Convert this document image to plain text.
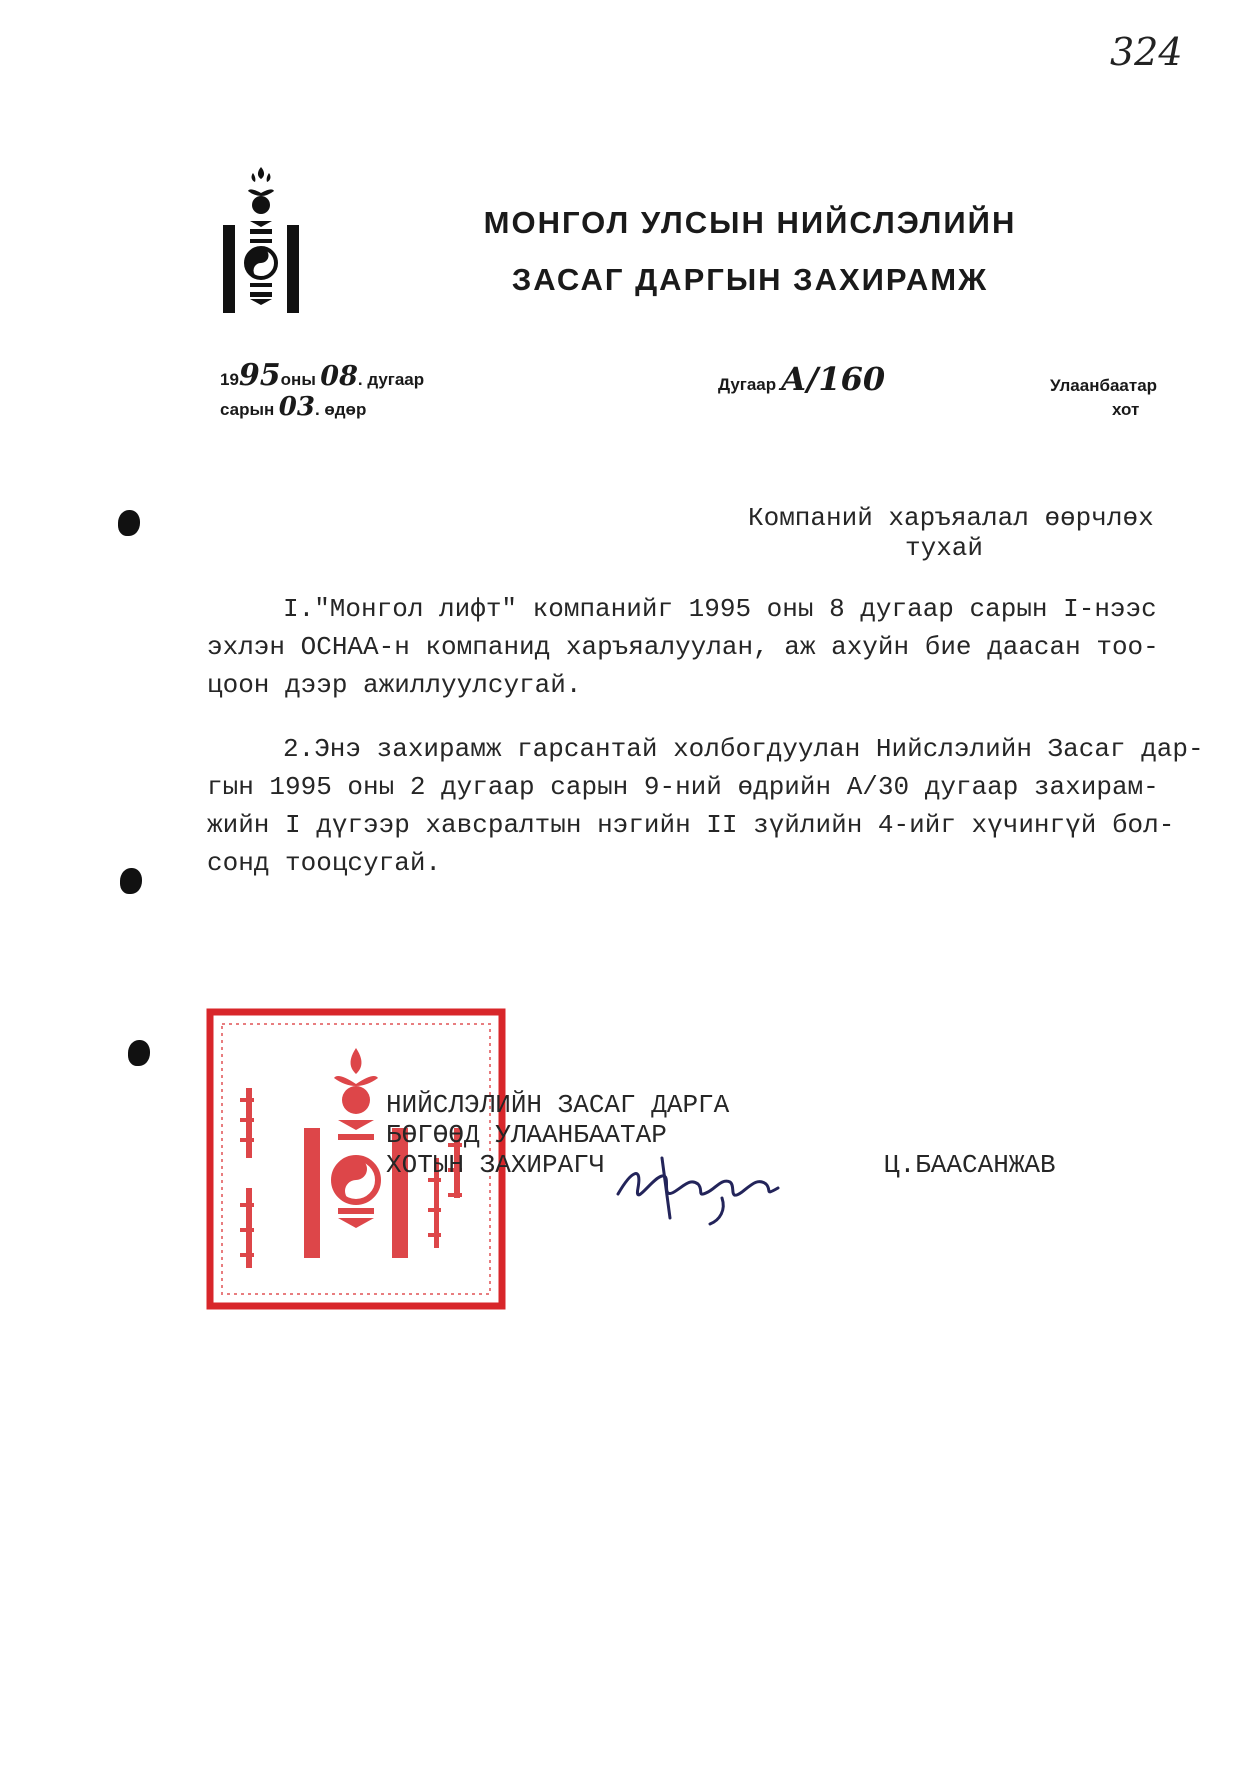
324
МОНГОЛ УЛСЫН НИЙСЛЭЛИЙН
ЗАСАГ ДАРГЫН ЗАХИРАМЖ
1995оны 08. дугаар
сарын 03. өдөр
Дугаар А/160	Улаанбаатар
хот
Компаний харъяалал өөрчлөх
тухай
I."Монгол лифт" компанийг 1995 оны 8 дугаар сарын I-нээс
эхлэн ОСНАА-н компанид харъяалуулан, аж ахуйн бие даасан тоо-
цоон дээр ажиллуулсугай.
2.Энэ захирамж гарсантай холбогдуулан Нийслэлийн Засаг дар-
гын 1995 оны 2 дугаар сарын 9-ний өдрийн А/30 дугаар захирам-
жийн I дүгээр хавсралтын нэгийн II зүйлийн 4-ийг хүчингүй бол-
сонд тооцсугай.
НИЙСЛЭЛИЙН ЗАСАГ ДАРГА
БӨГӨӨД УЛААНБААТАР
ХОТЫН ЗАХИРАГЧ	Ц.БААСАНЖАВ
